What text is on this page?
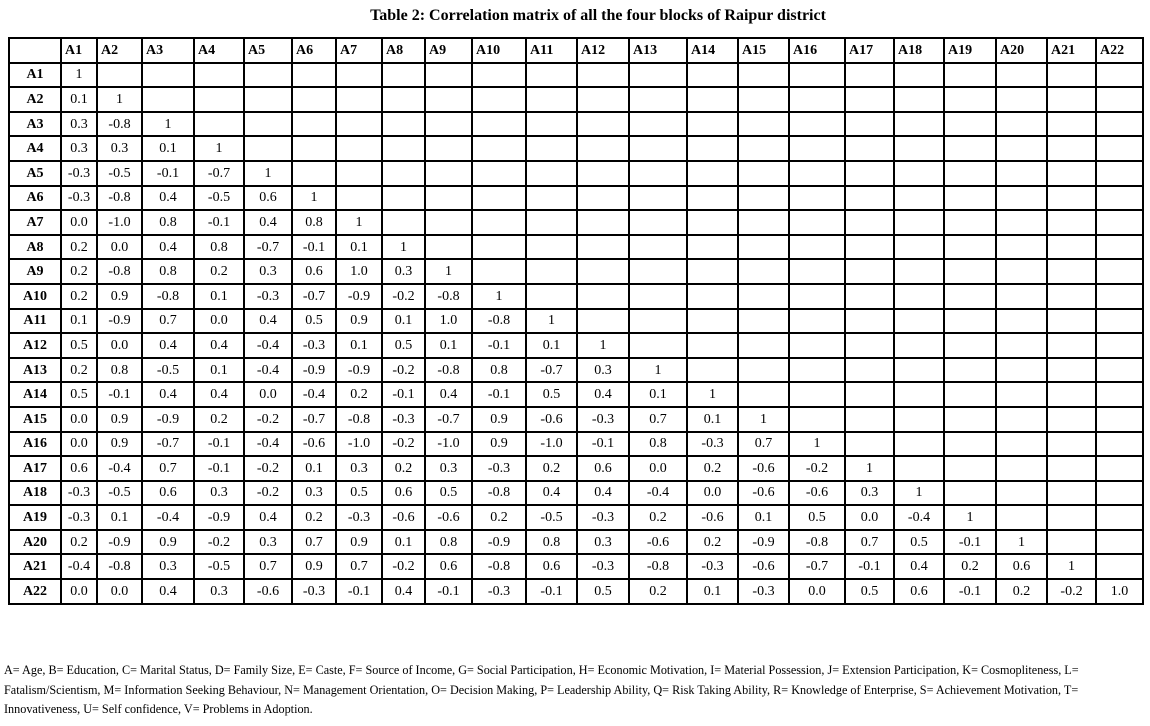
Table 2: Correlation matrix of all the four blocks of Raipur district
	A1	A2	A3	A4	A5	A6	A7	A8	A9	A10	A11	A12	A13	A14	A15	A16	A17	A18	A19	A20	A21	A22
A1	1																					
A2	0.1	1																				
A3	0.3	-0.8	1																			
A4	0.3	0.3	0.1	1																		
A5	-0.3	-0.5	-0.1	-0.7	1																	
A6	-0.3	-0.8	0.4	-0.5	0.6	1																
A7	0.0	-1.0	0.8	-0.1	0.4	0.8	1															
A8	0.2	0.0	0.4	0.8	-0.7	-0.1	0.1	1														
A9	0.2	-0.8	0.8	0.2	0.3	0.6	1.0	0.3	1													
A10	0.2	0.9	-0.8	0.1	-0.3	-0.7	-0.9	-0.2	-0.8	1												
A11	0.1	-0.9	0.7	0.0	0.4	0.5	0.9	0.1	1.0	-0.8	1											
A12	0.5	0.0	0.4	0.4	-0.4	-0.3	0.1	0.5	0.1	-0.1	0.1	1										
A13	0.2	0.8	-0.5	0.1	-0.4	-0.9	-0.9	-0.2	-0.8	0.8	-0.7	0.3	1									
A14	0.5	-0.1	0.4	0.4	0.0	-0.4	0.2	-0.1	0.4	-0.1	0.5	0.4	0.1	1								
A15	0.0	0.9	-0.9	0.2	-0.2	-0.7	-0.8	-0.3	-0.7	0.9	-0.6	-0.3	0.7	0.1	1							
A16	0.0	0.9	-0.7	-0.1	-0.4	-0.6	-1.0	-0.2	-1.0	0.9	-1.0	-0.1	0.8	-0.3	0.7	1						
A17	0.6	-0.4	0.7	-0.1	-0.2	0.1	0.3	0.2	0.3	-0.3	0.2	0.6	0.0	0.2	-0.6	-0.2	1					
A18	-0.3	-0.5	0.6	0.3	-0.2	0.3	0.5	0.6	0.5	-0.8	0.4	0.4	-0.4	0.0	-0.6	-0.6	0.3	1				
A19	-0.3	0.1	-0.4	-0.9	0.4	0.2	-0.3	-0.6	-0.6	0.2	-0.5	-0.3	0.2	-0.6	0.1	0.5	0.0	-0.4	1			
A20	0.2	-0.9	0.9	-0.2	0.3	0.7	0.9	0.1	0.8	-0.9	0.8	0.3	-0.6	0.2	-0.9	-0.8	0.7	0.5	-0.1	1		
A21	-0.4	-0.8	0.3	-0.5	0.7	0.9	0.7	-0.2	0.6	-0.8	0.6	-0.3	-0.8	-0.3	-0.6	-0.7	-0.1	0.4	0.2	0.6	1	
A22	0.0	0.0	0.4	0.3	-0.6	-0.3	-0.1	0.4	-0.1	-0.3	-0.1	0.5	0.2	0.1	-0.3	0.0	0.5	0.6	-0.1	0.2	-0.2	1.0
A= Age, B= Education, C= Marital Status, D= Family Size, E= Caste, F= Source of Income, G= Social Participation, H= Economic Motivation, I= Material Possession, J= Extension Participation, K= Cosmopliteness, L= Fatalism/Scientism, M= Information Seeking Behaviour, N= Management Orientation, O= Decision Making, P= Leadership Ability, Q= Risk Taking Ability, R= Knowledge of Enterprise, S= Achievement Motivation, T= Innovativeness, U= Self confidence, V= Problems in Adoption.
